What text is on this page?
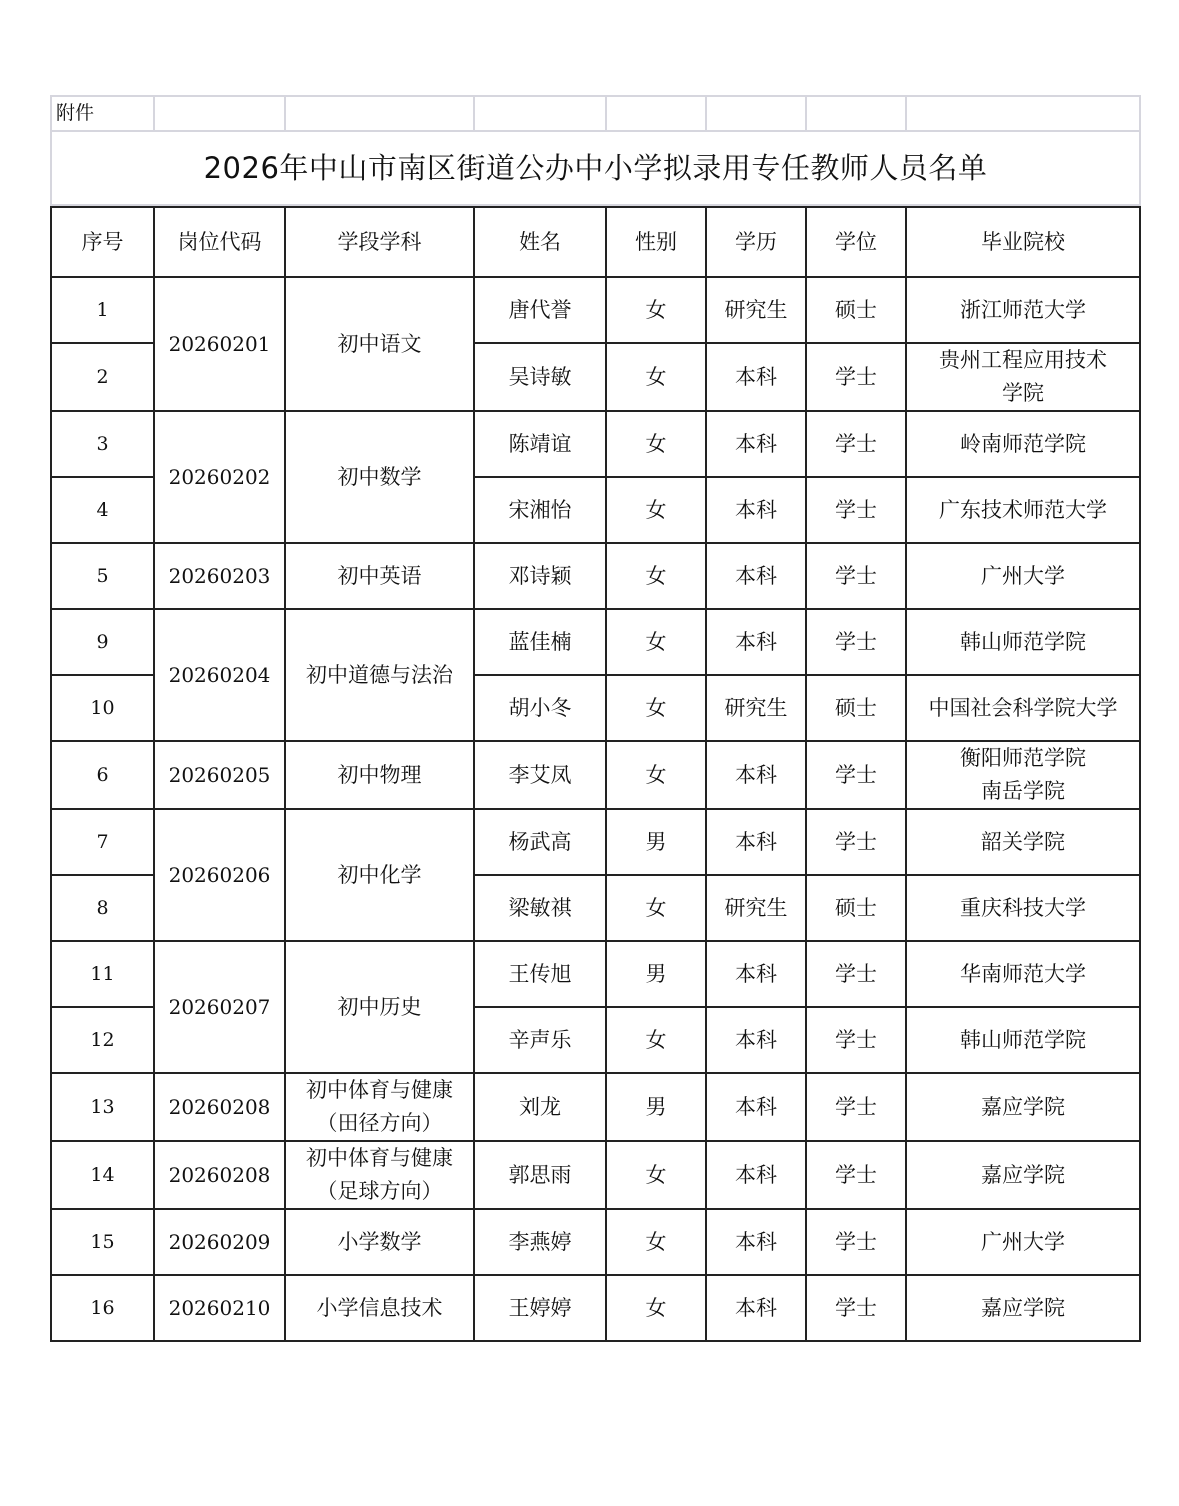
附件							
2026年中山市南区街道公办中小学拟录用专任教师人员名单
序号	岗位代码	学段学科	姓名	性别	学历	学位	毕业院校
1	20260201	初中语文	唐代誉	女	研究生	硕士	浙江师范大学

2			吴诗敏	女	本科	学士	贵州工程应用技术
学院

3	20260202	初中数学	陈靖谊	女	本科	学士	岭南师范学院

4			宋湘怡	女	本科	学士	广东技术师范大学

5	20260203	初中英语	邓诗颖	女	本科	学士	广州大学

9	20260204	初中道德与法治	蓝佳楠	女	本科	学士	韩山师范学院

10			胡小冬	女	研究生	硕士	中国社会科学院大学

6	20260205	初中物理	李艾凤	女	本科	学士	衡阳师范学院
南岳学院

7	20260206	初中化学	杨武高	男	本科	学士	韶关学院

8			梁敏祺	女	研究生	硕士	重庆科技大学

11	20260207	初中历史	王传旭	男	本科	学士	华南师范大学

12			辛声乐	女	本科	学士	韩山师范学院

13	20260208	初中体育与健康
（田径方向）	刘龙	男	本科	学士	嘉应学院

14	20260208	初中体育与健康
（足球方向）	郭思雨	女	本科	学士	嘉应学院

15	20260209	小学数学	李燕婷	女	本科	学士	广州大学

16	20260210	小学信息技术	王婷婷	女	本科	学士	嘉应学院
